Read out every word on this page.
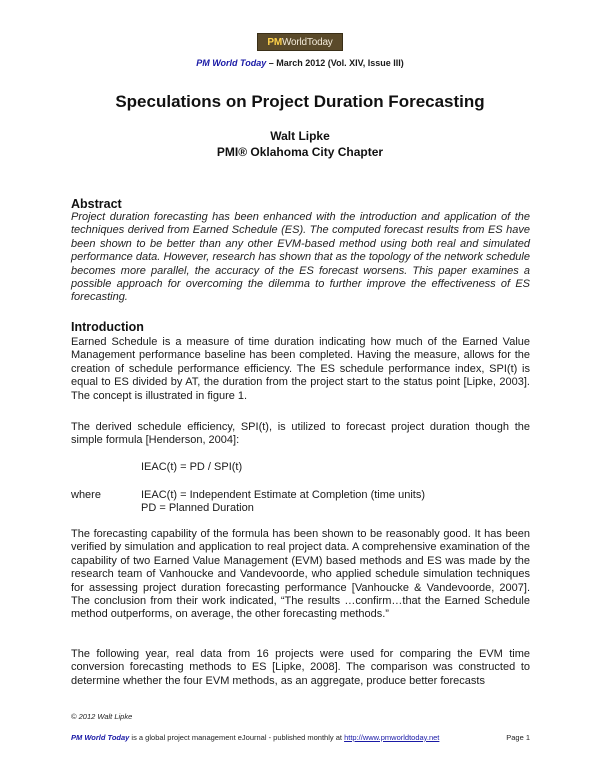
PMWorldToday
PM World Today – March 2012 (Vol. XIV, Issue III)
Speculations on Project Duration Forecasting
Walt Lipke
PMI® Oklahoma City Chapter
Abstract

Project duration forecasting has been enhanced with the introduction and application of the techniques derived from Earned Schedule (ES). The computed forecast results from ES have been shown to be better than any other EVM-based method using both real and simulated performance data. However, research has shown that as the topology of the network schedule becomes more parallel, the accuracy of the ES forecast worsens. This paper examines a possible approach for overcoming the dilemma to further improve the effectiveness of ES forecasting.

Introduction

Earned Schedule is a measure of time duration indicating how much of the Earned Value Management performance baseline has been completed. Having the measure, allows for the creation of schedule performance efficiency. The ES schedule performance index, SPI(t) is equal to ES divided by AT, the duration from the project start to the status point [Lipke, 2003]. The concept is illustrated in figure 1.

The derived schedule efficiency, SPI(t), is utilized to forecast project duration though the simple formula [Henderson, 2004]:

IEAC(t) = PD / SPI(t)
where	IEAC(t) = Independent Estimate at Completion (time units)
PD = Planned Duration

The forecasting capability of the formula has been shown to be reasonably good. It has been verified by simulation and application to real project data. A comprehensive examination of the capability of two Earned Value Management (EVM) based methods and ES was made by the research team of Vanhoucke and Vandevoorde, who applied schedule simulation techniques for assessing project duration forecasting performance [Vanhoucke & Vandevoorde, 2007]. The conclusion from their work indicated, “The results …confirm…that the Earned Schedule method outperforms, on average, the other forecasting methods.”

The following year, real data from 16 projects were used for comparing the EVM time conversion forecasting methods to ES [Lipke, 2008]. The comparison was constructed to determine whether the four EVM methods, as an aggregate, produce better forecasts

© 2012 Walt Lipke
PM World Today is a global project management eJournal - published monthly at http://www.pmworldtoday.net	Page 1
